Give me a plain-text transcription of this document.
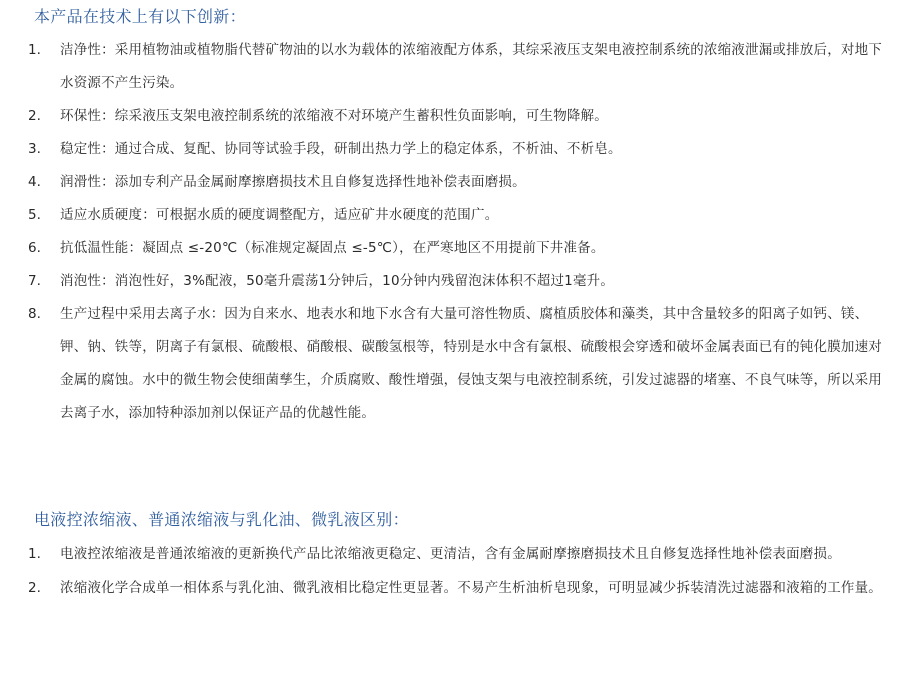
本产品在技术上有以下创新：
1.	洁净性：采用植物油或植物脂代替矿物油的以水为载体的浓缩液配方体系，其综采液压支架电液控制系统的浓缩液泄漏或排放后，对地下水资源不产生污染。
2.	环保性：综采液压支架电液控制系统的浓缩液不对环境产生蓄积性负面影响，可生物降解。
3.	稳定性：通过合成、复配、协同等试验手段，研制出热力学上的稳定体系，不析油、不析皂。
4.	润滑性：添加专利产品金属耐摩擦磨损技术且自修复选择性地补偿表面磨损。
5.	适应水质硬度：可根据水质的硬度调整配方，适应矿井水硬度的范围广。
6.	抗低温性能：凝固点 ≤-20℃（标准规定凝固点 ≤-5℃），在严寒地区不用提前下井准备。
7.	消泡性：消泡性好，3%配液，50毫升震荡1分钟后，10分钟内残留泡沫体积不超过1毫升。
8.	生产过程中采用去离子水：因为自来水、地表水和地下水含有大量可溶性物质、腐植质胶体和藻类，其中含量较多的阳离子如钙、镁、钾、钠、铁等，阴离子有氯根、硫酸根、硝酸根、碳酸氢根等，特别是水中含有氯根、硫酸根会穿透和破坏金属表面已有的钝化膜加速对金属的腐蚀。水中的微生物会使细菌孳生，介质腐败、酸性增强，侵蚀支架与电液控制系统，引发过滤器的堵塞、不良气味等，所以采用去离子水，添加特种添加剂以保证产品的优越性能。
电液控浓缩液、普通浓缩液与乳化油、微乳液区别：
1.	电液控浓缩液是普通浓缩液的更新换代产品比浓缩液更稳定、更清洁，含有金属耐摩擦磨损技术且自修复选择性地补偿表面磨损。
2.	浓缩液化学合成单一相体系与乳化油、微乳液相比稳定性更显著。不易产生析油析皂现象，可明显减少拆装清洗过滤器和液箱的工作量。
